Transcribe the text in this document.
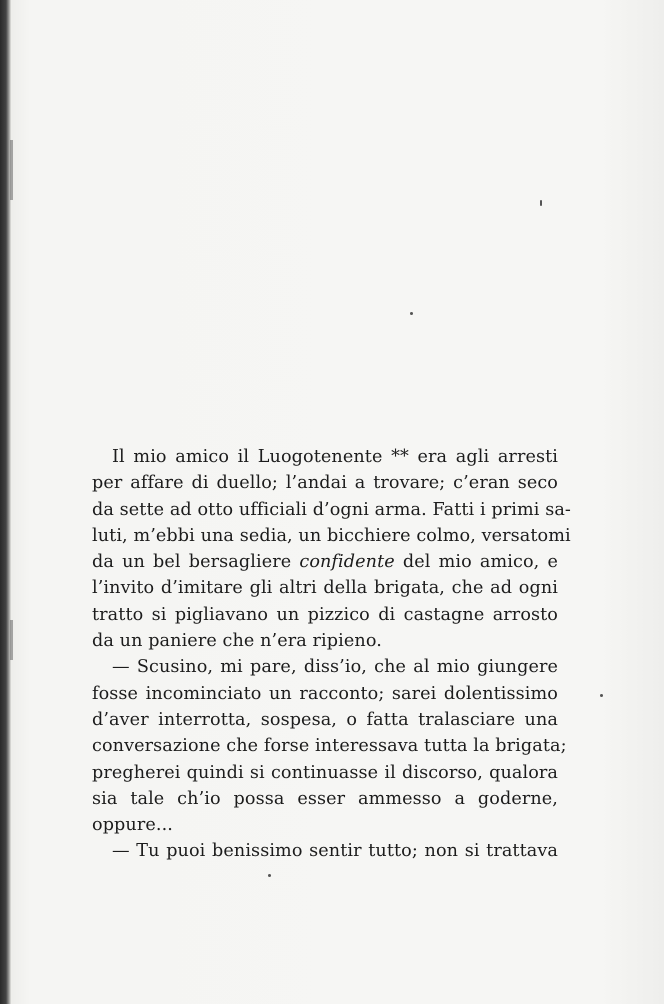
Il mio amico il Luogotenente ** era agli arresti
per affare di duello; l’andai a trovare; c’eran seco
da sette ad otto ufficiali d’ogni arma. Fatti i primi sa-
luti, m’ebbi una sedia, un bicchiere colmo, versatomi
da un bel bersagliere confidente del mio amico, e
l’invito d’imitare gli altri della brigata, che ad ogni
tratto si pigliavano un pizzico di castagne arrosto
da un paniere che n’era ripieno.
— Scusino, mi pare, diss’io, che al mio giungere
fosse incominciato un racconto; sarei dolentissimo
d’aver interrotta, sospesa, o fatta tralasciare una
conversazione che forse interessava tutta la brigata;
pregherei quindi si continuasse il discorso, qualora
sia tale ch’io possa esser ammesso a goderne,
oppure...
— Tu puoi benissimo sentir tutto; non si trattava
